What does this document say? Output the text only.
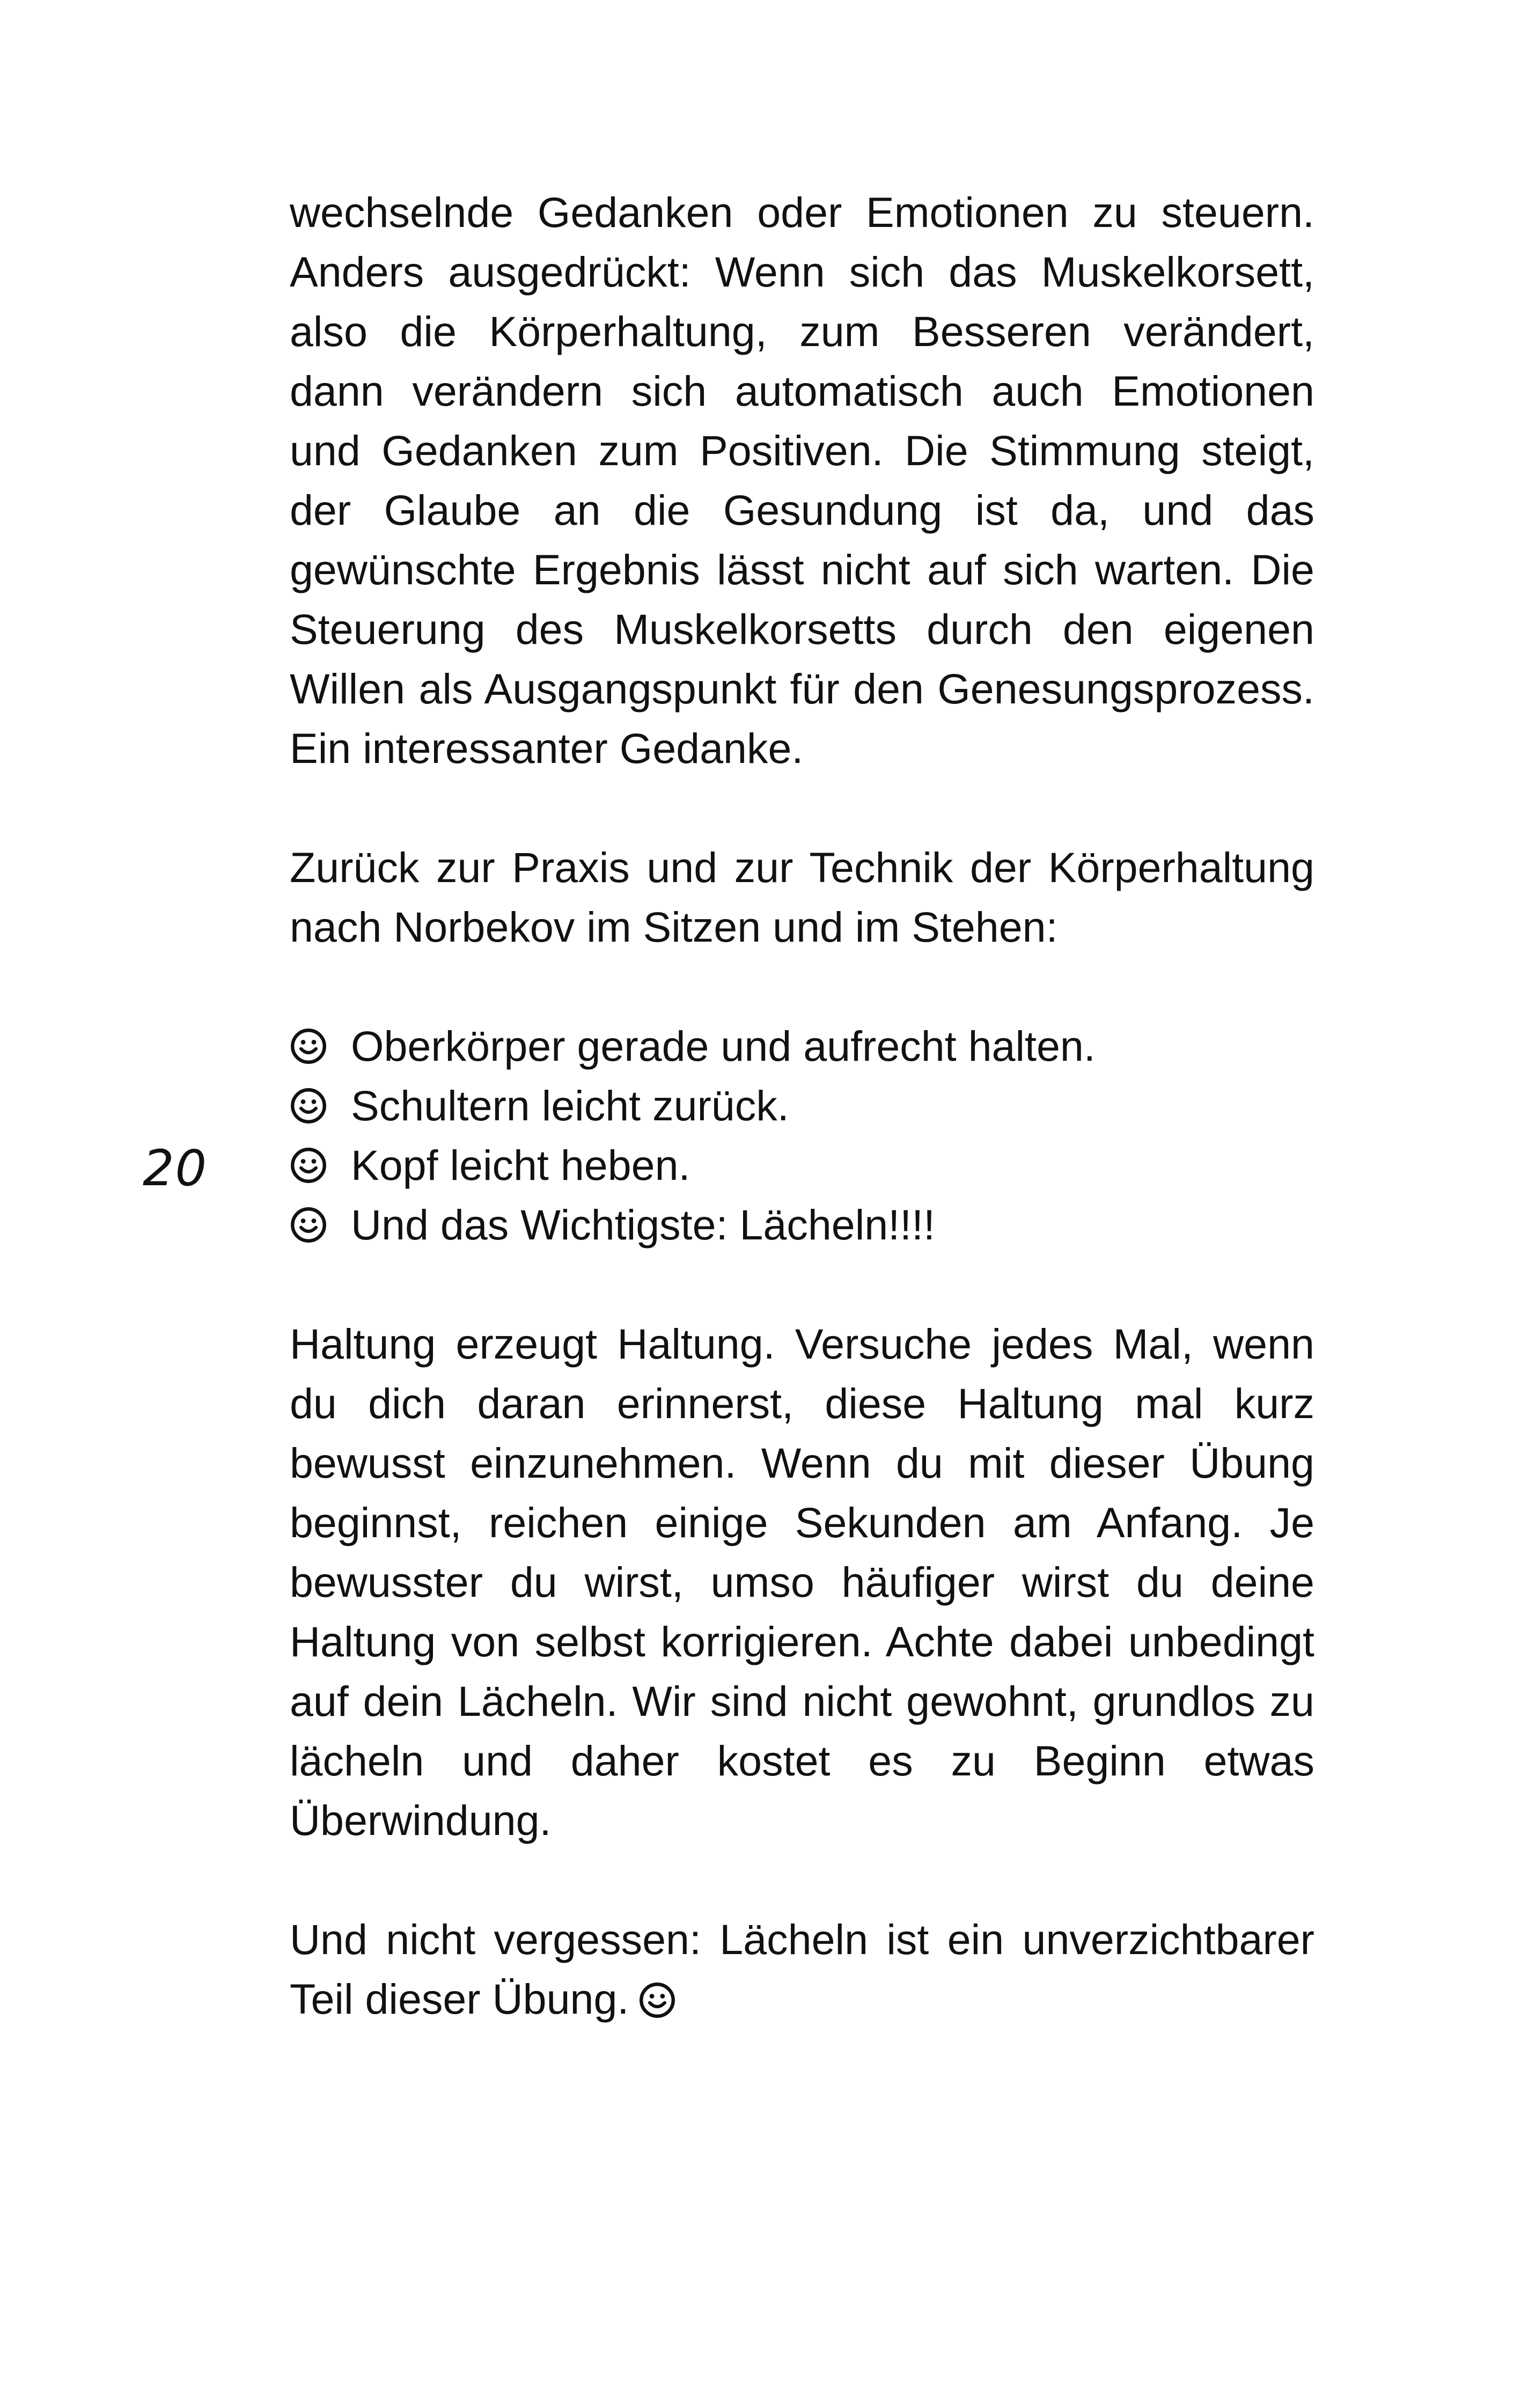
20

wechselnde Gedanken oder Emotionen zu steuern. Anders ausgedrückt: Wenn sich das Muskelkorsett, also die Körperhaltung, zum Besseren verändert, dann verändern sich automatisch auch Emotionen und Gedanken zum Positiven. Die Stimmung steigt, der Glaube an die Gesundung ist da, und das gewünschte Ergebnis lässt nicht auf sich warten. Die Steuerung des Muskelkorsetts durch den eigenen Willen als Ausgangspunkt für den Genesungsprozess. Ein interessanter Gedanke.

Zurück zur Praxis und zur Technik der Körperhaltung nach Norbekov im Sitzen und im Stehen:

Oberkörper gerade und aufrecht halten.
Schultern leicht zurück.
Kopf leicht heben.
Und das Wichtigste: Lächeln!!!!

Haltung erzeugt Haltung. Versuche jedes Mal, wenn du dich daran erinnerst, diese Haltung mal kurz bewusst einzunehmen. Wenn du mit dieser Übung beginnst, reichen einige Sekunden am Anfang. Je bewusster du wirst, umso häufiger wirst du deine Haltung von selbst korrigieren. Achte dabei unbedingt auf dein Lächeln. Wir sind nicht gewohnt, grundlos zu lächeln und daher kostet es zu Beginn etwas Überwindung.

Und nicht vergessen: Lächeln ist ein unverzichtbarer Teil dieser Übung.
